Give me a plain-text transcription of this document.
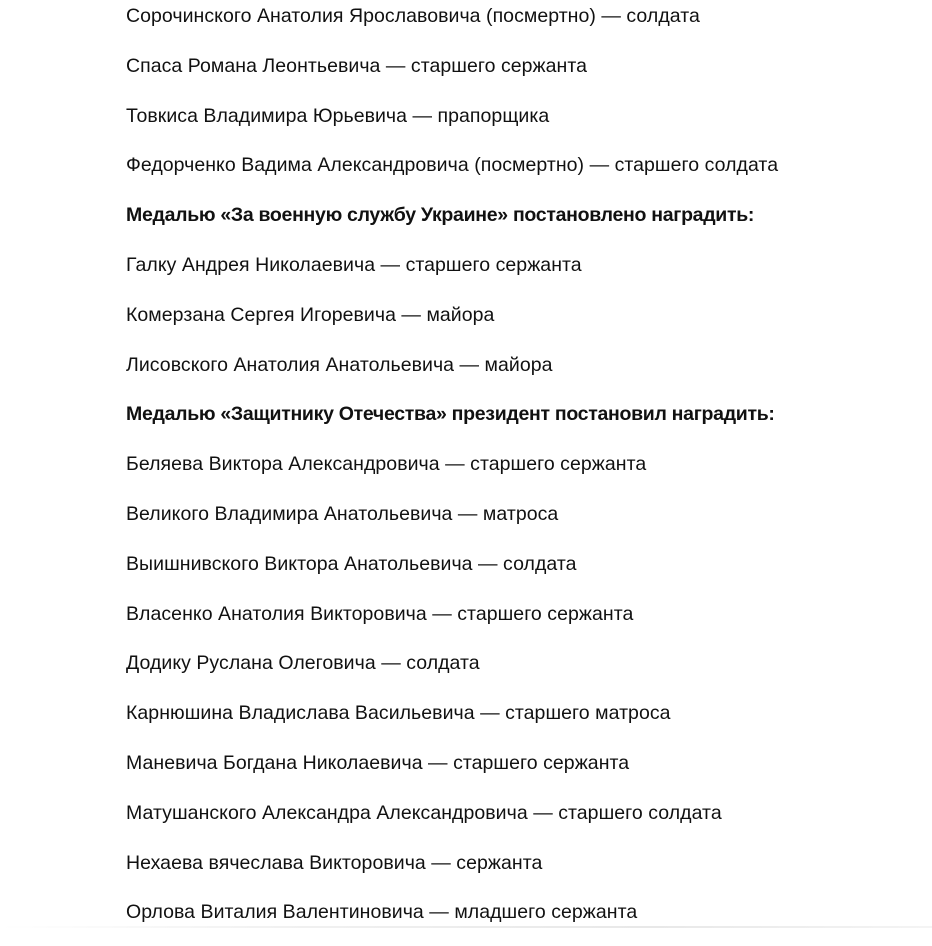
Сорочинского Анатолия Ярославовича (посмертно) — солдата

Спаса Романа Леонтьевича — старшего сержанта

Товкиса Владимира Юрьевича — прапорщика

Федорченко Вадима Александровича (посмертно) — старшего солдата

Медалью «За военную службу Украине» постановлено наградить:

Галку Андрея Николаевича — старшего сержанта

Комерзана Сергея Игоревича — майора

Лисовского Анатолия Анатольевича — майора

Медалью «Защитнику Отечества» президент постановил наградить:

Беляева Виктора Александровича — старшего сержанта

Великого Владимира Анатольевича — матроса

Выишнивского Виктора Анатольевича — солдата

Власенко Анатолия Викторовича — старшего сержанта

Додику Руслана Олеговича — солдата

Карнюшина Владислава Васильевича — старшего матроса

Маневича Богдана Николаевича — старшего сержанта

Матушанского Александра Александровича — старшего солдата

Нехаева вячеслава Викторовича — сержанта

Орлова Виталия Валентиновича — младшего сержанта
